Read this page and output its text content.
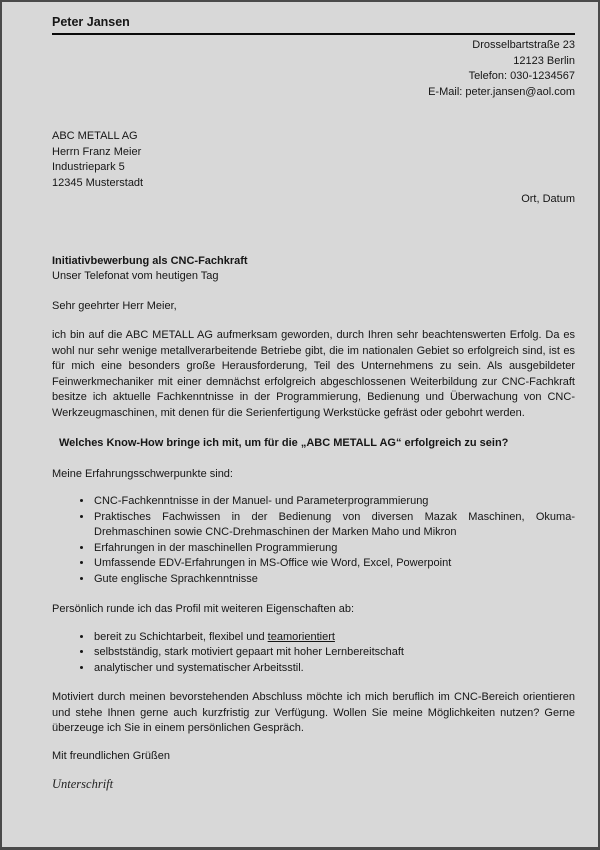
Peter Jansen
Drosselbartstraße 23
12123 Berlin
Telefon: 030-1234567
E-Mail: peter.jansen@aol.com
ABC METALL AG
Herrn Franz Meier
Industriepark 5
12345 Musterstadt
Ort, Datum
Initiativbewerbung als CNC-Fachkraft
Unser Telefonat vom heutigen Tag
Sehr geehrter Herr Meier,

ich bin auf die ABC METALL AG aufmerksam geworden, durch Ihren sehr beachtenswerten Erfolg. Da es wohl nur sehr wenige metallverarbeitende Betriebe gibt, die im nationalen Gebiet so erfolgreich sind, ist es für mich eine besonders große Herausforderung, Teil des Unternehmens zu sein. Als ausgebildeter Feinwerkmechaniker mit einer demnächst erfolgreich abgeschlossenen Weiterbildung zur CNC-Fachkraft besitze ich aktuelle Fachkenntnisse in der Programmierung, Bedienung und Überwachung von CNC-Werkzeugmaschinen, mit denen für die Serienfertigung Werkstücke gefräst oder gebohrt werden.

Welches Know-How bringe ich mit, um für die „ABC METALL AG“ erfolgreich zu sein?
Meine Erfahrungsschwerpunkte sind:
• CNC-Fachkenntnisse in der Manuel- und Parameterprogrammierung
• Praktisches Fachwissen in der Bedienung von diversen Mazak Maschinen, Okuma-Drehmaschinen sowie CNC-Drehmaschinen der Marken Maho und Mikron
• Erfahrungen in der maschinellen Programmierung
• Umfassende EDV-Erfahrungen in MS-Office wie Word, Excel, Powerpoint
• Gute englische Sprachkenntnisse
Persönlich runde ich das Profil mit weiteren Eigenschaften ab:
• bereit zu Schichtarbeit, flexibel und teamorientiert
• selbstständig, stark motiviert gepaart mit hoher Lernbereitschaft
• analytischer und systematischer Arbeitsstil.

Motiviert durch meinen bevorstehenden Abschluss möchte ich mich beruflich im CNC-Bereich orientieren und stehe Ihnen gerne auch kurzfristig zur Verfügung. Wollen Sie meine Möglichkeiten nutzen? Gerne überzeuge ich Sie in einem persönlichen Gespräch.

Mit freundlichen Grüßen
Unterschrift
